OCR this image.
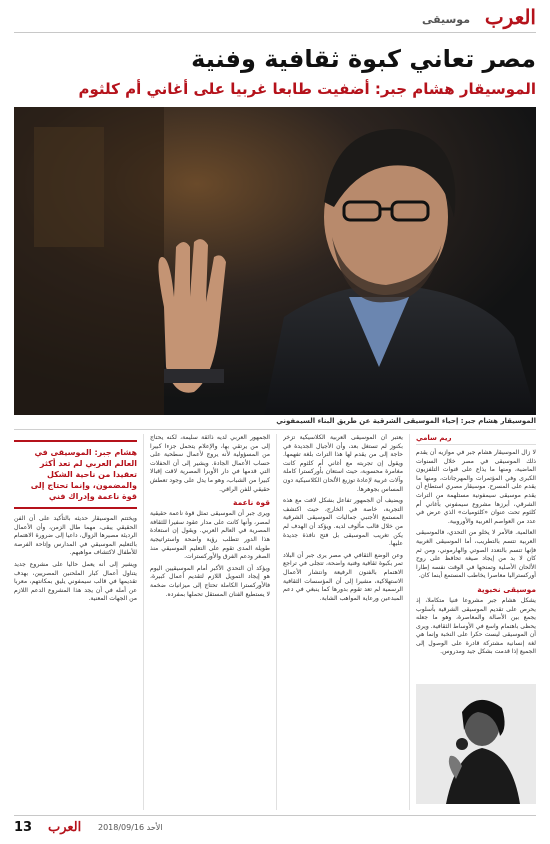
العرب
موسيقى
مصر تعاني كبوة ثقافية وفنية
الموسيقار هشام جبر: أضفيت طابعا غربيا على أغاني أم كلثوم
الموسيقار هشام جبر: إحياء الموسيقى الشرقية عن طريق البناء السيمفوني
ريم سامي

لا زال الموسيقار هشام جبر في موازيه أن يقدم ذلك الموسيقى في مصر خلال السنوات الماضية، ومنها ما يذاع على قنوات التلفزيون الكبرى وفي المؤتمرات والمهرجانات، ومنها ما يقدم على المسرح. موسيقار مصري استطاع أن يقدم موسيقى سيمفونية مستلهمة من التراث الشرقي، أبرزها مشروع سيمفوني بأغاني أم كلثوم تحت عنوان «كلثوميات» الذي عرض في عدد من العواصم العربية والأوروبية.

العالمية. فالأمر لا يخلو من التحدي، فالموسيقى العربية تتسم بالتطريب، أما الموسيقى الغربية فإنها تتسم بالتعدد الصوتي والهارموني، ومن ثم كان لا بد من إيجاد صيغة تحافظ على روح الألحان الأصلية وتمنحها في الوقت نفسه إطارا أوركستراليا معاصرا يخاطب المستمع أينما كان.

موسيقى نخبوية

يشكل هشام جبر مشروعا فنيا متكاملا، إذ يحرص على تقديم الموسيقى الشرقية بأسلوب يجمع بين الأصالة والمعاصرة، وهو ما جعله يحظى باهتمام واسع في الأوساط الثقافية. ويرى أن الموسيقى ليست حكرا على النخبة وإنما هي لغة إنسانية مشتركة قادرة على الوصول إلى الجميع إذا قدمت بشكل جيد ومدروس.

يعتبر أن الموسيقى العربية الكلاسيكية تزخر بكنوز لم تستغل بعد، وأن الأجيال الجديدة في حاجة إلى من يقدم لها هذا التراث بلغة تفهمها. ويقول إن تجربته مع أغاني أم كلثوم كانت مغامرة محسوبة، حيث استعان بأوركسترا كاملة وآلات غربية لإعادة توزيع الألحان الكلاسيكية دون المساس بجوهرها.

ويضيف أن الجمهور تفاعل بشكل لافت مع هذه التجربة، خاصة في الخارج، حيث اكتشف المستمع الأجنبي جماليات الموسيقى الشرقية من خلال قالب مألوف لديه. ويؤكد أن الهدف لم يكن تغريب الموسيقى بل فتح نافذة جديدة عليها.

وعن الوضع الثقافي في مصر يرى جبر أن البلاد تمر بكبوة ثقافية وفنية واضحة، تتجلى في تراجع الاهتمام بالفنون الرفيعة وانتشار الأعمال الاستهلاكية، مشيرا إلى أن المؤسسات الثقافية الرسمية لم تعد تقوم بدورها كما ينبغي في دعم المبدعين ورعاية المواهب الشابة.

الجمهور العربي لديه ذائقة سليمة، لكنه يحتاج إلى من يرتقي بها، والإعلام يتحمل جزءا كبيرا من المسؤولية لأنه يروج لأعمال سطحية على حساب الأعمال الجادة. ويشير إلى أن الحفلات التي قدمها في دار الأوبرا المصرية لاقت إقبالا كبيرا من الشباب، وهو ما يدل على وجود تعطش حقيقي للفن الراقي.

قوة ناعمة

ويرى جبر أن الموسيقى تمثل قوة ناعمة حقيقية لمصر، وأنها كانت على مدار عقود سفيرا للثقافة المصرية في العالم العربي. ويقول إن استعادة هذا الدور تتطلب رؤية واضحة واستراتيجية طويلة المدى تقوم على التعليم الموسيقي منذ الصغر ودعم الفرق والأوركسترات.

ويؤكد أن التحدي الأكبر أمام الموسيقيين اليوم هو إيجاد التمويل اللازم لتقديم أعمال كبيرة، فالأوركسترا الكاملة تحتاج إلى ميزانيات ضخمة لا يستطيع الفنان المستقل تحملها بمفرده.

هشام جبر: الموسيقى في العالم العربي لم تعد أكثر تعقيدا من ناحية الشكل والمضمون، وإنما تحتاج إلى قوة ناعمة وإدراك فني

ويختتم الموسيقار حديثه بالتأكيد على أن الفن الحقيقي يبقى، مهما طال الزمن، وأن الأعمال الرديئة مصيرها الزوال، داعيا إلى ضرورة الاهتمام بالتعليم الموسيقي في المدارس وإتاحة الفرصة للأطفال لاكتشاف مواهبهم.

ويشير إلى أنه يعمل حاليا على مشروع جديد يتناول أعمال كبار الملحنين المصريين، بهدف تقديمها في قالب سيمفوني يليق بمكانتهم، معربا عن أمله في أن يجد هذا المشروع الدعم اللازم من الجهات المعنية.

13 العرب الأحد 2018/09/16
